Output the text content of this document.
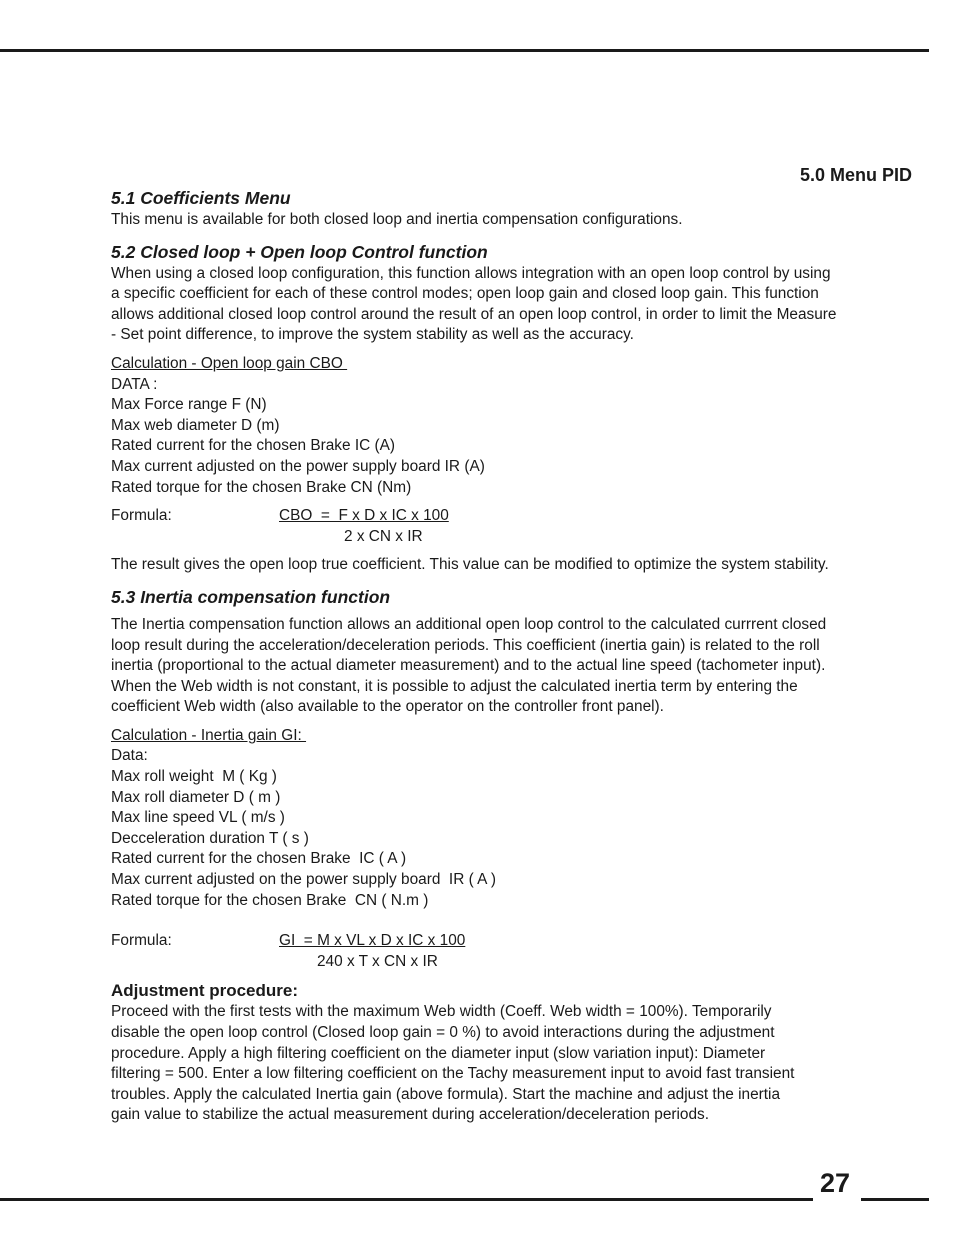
5.0 Menu PID
5.1 Coefficients Menu

This menu is available for both closed loop and inertia compensation configurations.

5.2 Closed loop + Open loop Control function
When using a closed loop configuration, this function allows integration with an open loop control by using
a specific coefficient for each of these control modes; open loop gain and closed loop gain. This function
allows additional closed loop control around the result of an open loop control, in order to limit the Measure
- Set point difference, to improve the system stability as well as the accuracy.
Calculation - Open loop gain CBO
DATA :
Max Force range F (N)
Max web diameter D (m)
Rated current for the chosen Brake IC (A)
Max current adjusted on the power supply board IR (A)
Rated torque for the chosen Brake CN (Nm)
Formula:	CBO  =  F x D x IC x 100
2 x CN x IR

The result gives the open loop true coefficient. This value can be modified to optimize the system stability.

5.3 Inertia compensation function
The Inertia compensation function allows an additional open loop control to the calculated currrent closed
loop result during the acceleration/deceleration periods. This coefficient (inertia gain) is related to the roll
inertia (proportional to the actual diameter measurement) and to the actual line speed (tachometer input).
When the Web width is not constant, it is possible to adjust the calculated inertia term by entering the
coefficient Web width (also available to the operator on the controller front panel).
Calculation - Inertia gain GI:
Data:
Max roll weight  M ( Kg )
Max roll diameter D ( m )
Max line speed VL ( m/s )
Decceleration duration T ( s )
Rated current for the chosen Brake  IC ( A )
Max current adjusted on the power supply board  IR ( A )
Rated torque for the chosen Brake  CN ( N.m )
Formula:	GI  = M x VL x D x IC x 100
240 x T x CN x IR
Adjustment procedure:
Proceed with the first tests with the maximum Web width (Coeff. Web width = 100%). Temporarily
disable the open loop control (Closed loop gain = 0 %) to avoid interactions during the adjustment
procedure. Apply a high filtering coefficient on the diameter input (slow variation input): Diameter
filtering = 500. Enter a low filtering coefficient on the Tachy measurement input to avoid fast transient
troubles. Apply the calculated Inertia gain (above formula). Start the machine and adjust the inertia
gain value to stabilize the actual measurement during acceleration/deceleration periods.
27
